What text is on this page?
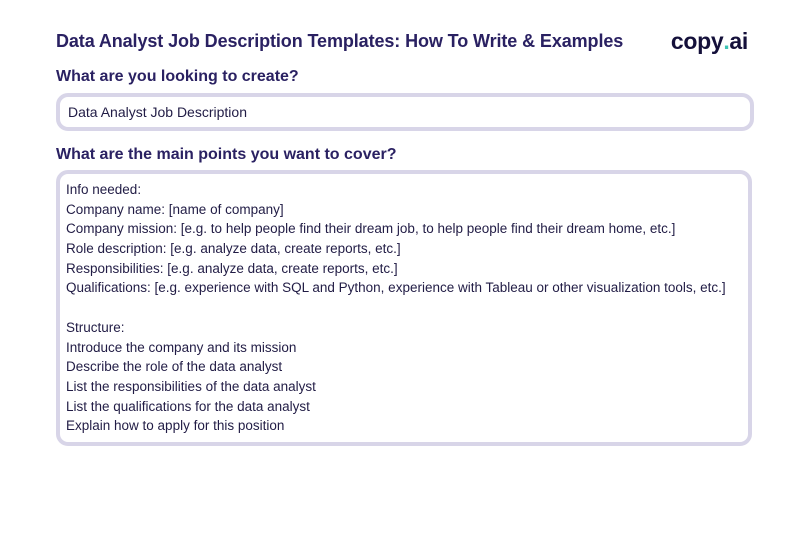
Data Analyst Job Description Templates: How To Write & Examples copy . ai
What are you looking to create?
Data Analyst Job Description
What are the main points you want to cover?
Info needed:
Company name: [name of company]
Company mission: [e.g. to help people find their dream job, to help people find their dream home, etc.]
Role description: [e.g. analyze data, create reports, etc.]
Responsibilities: [e.g. analyze data, create reports, etc.]
Qualifications: [e.g. experience with SQL and Python, experience with Tableau or other visualization tools, etc.]
Structure:
Introduce the company and its mission
Describe the role of the data analyst
List the responsibilities of the data analyst
List the qualifications for the data analyst
Explain how to apply for this position
